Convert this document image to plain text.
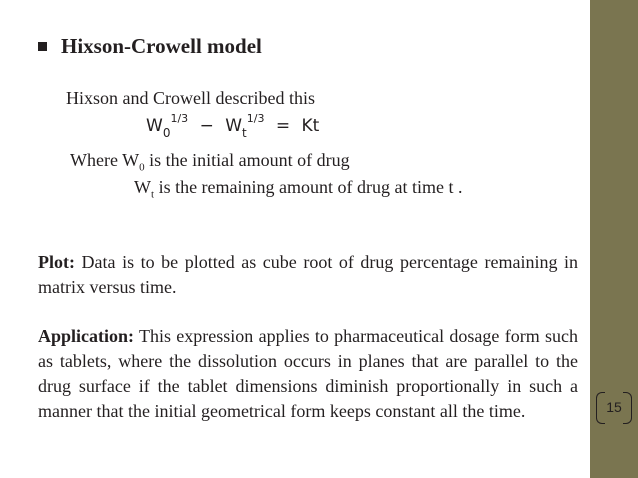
15
Hixson-Crowell model
Hixson and Crowell described this
$W_0^{1/3} - W_t^{1/3} = Kt$
Where $W_0$ is the initial amount of drug
$W_t$ is the remaining amount of drug at time t .
Plot: Data is to be plotted as cube root of drug percentage remaining in matrix versus time.
Application: This expression applies to pharmaceutical dosage form such as tablets, where the dissolution occurs in planes that are parallel to the drug surface if the tablet dimensions diminish proportionally in such a manner that the initial geometrical form keeps constant all the time.
